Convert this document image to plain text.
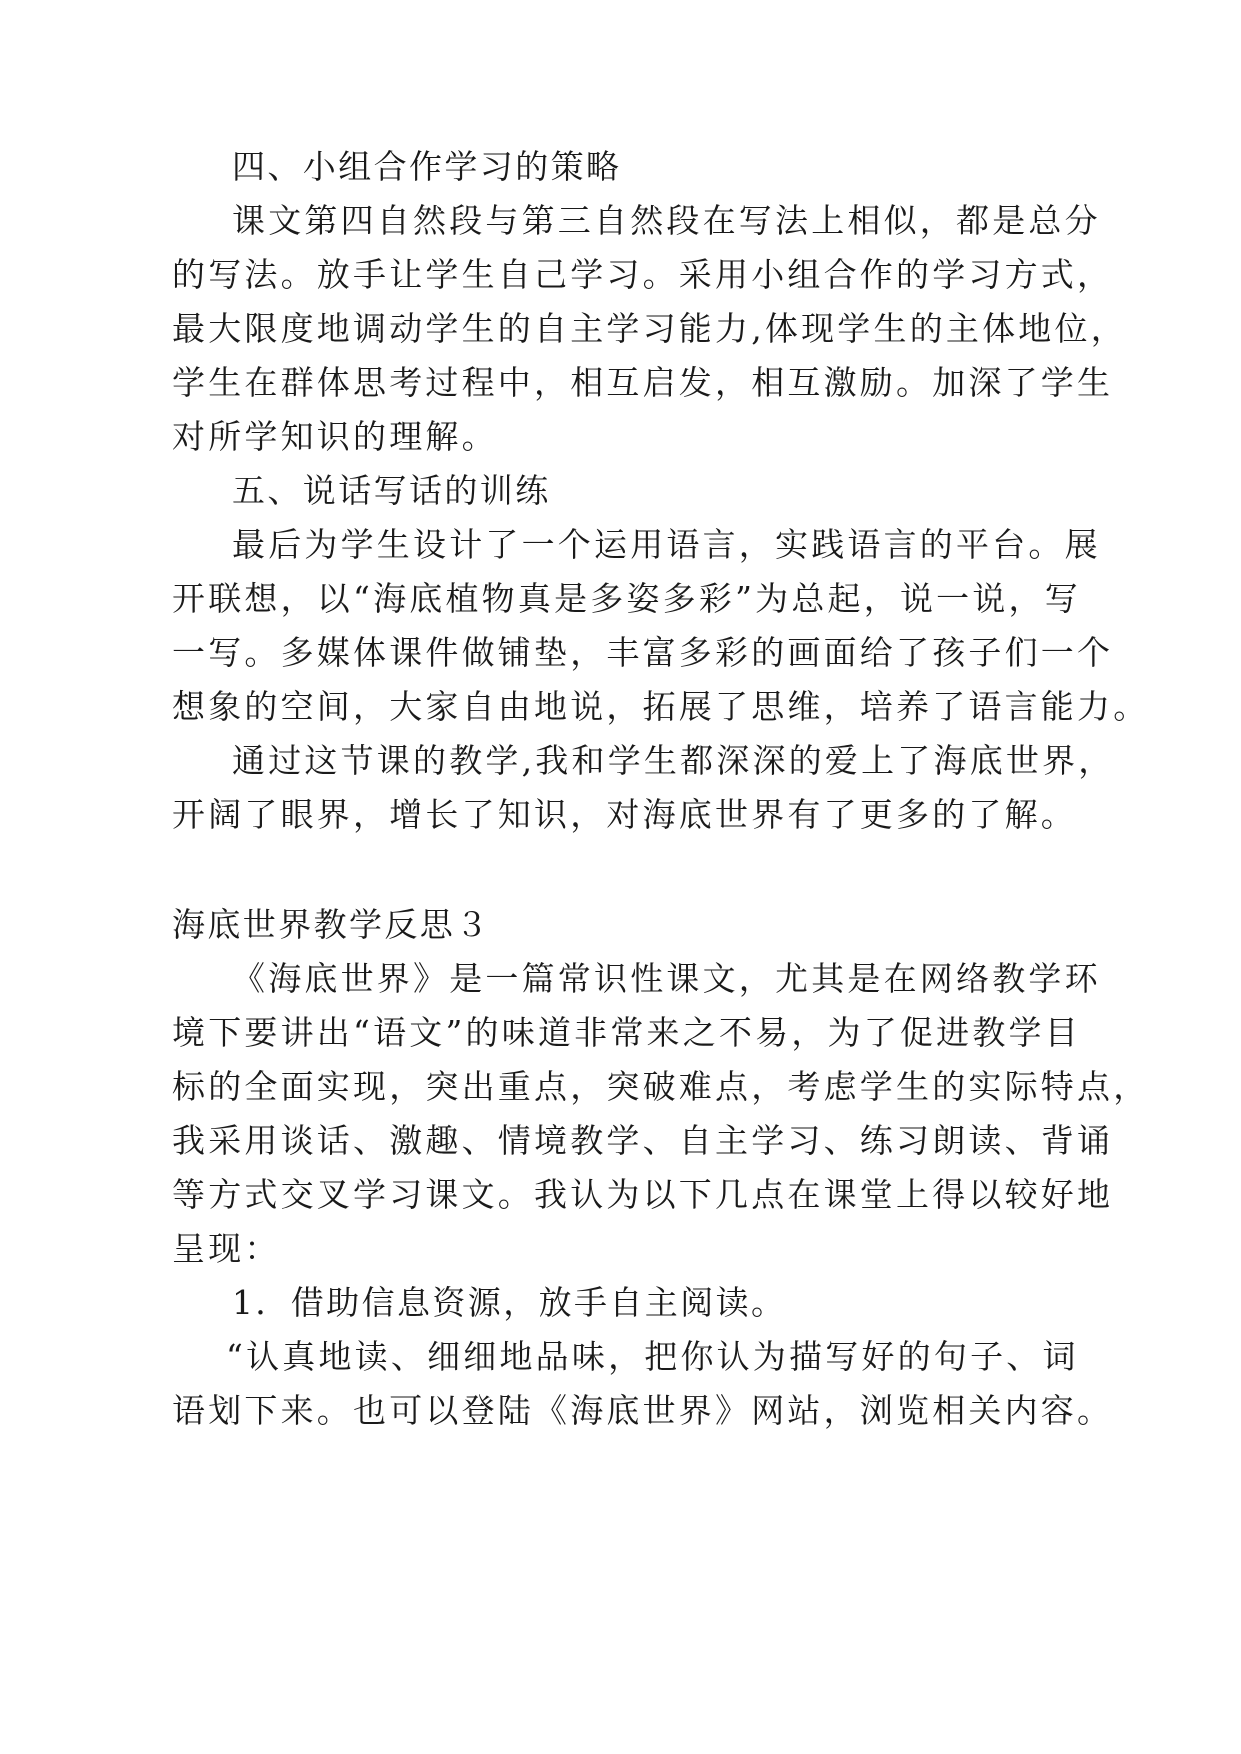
四、小组合作学习的策略
课文第四自然段与第三自然段在写法上相似，都是总分
的写法。放手让学生自己学习。采用小组合作的学习方式，
最大限度地调动学生的自主学习能力,体现学生的主体地位，
学生在群体思考过程中，相互启发，相互激励。加深了学生
对所学知识的理解。
五、说话写话的训练
最后为学生设计了一个运用语言，实践语言的平台。展
开联想，以“海底植物真是多姿多彩”为总起，说一说，写
一写。多媒体课件做铺垫，丰富多彩的画面给了孩子们一个
想象的空间，大家自由地说，拓展了思维，培养了语言能力。
通过这节课的教学,我和学生都深深的爱上了海底世界，
开阔了眼界，增长了知识，对海底世界有了更多的了解。
海底世界教学反思３
《海底世界》是一篇常识性课文，尤其是在网络教学环
境下要讲出“语文”的味道非常来之不易，为了促进教学目
标的全面实现，突出重点，突破难点，考虑学生的实际特点，
我采用谈话、激趣、情境教学、自主学习、练习朗读、背诵
等方式交叉学习课文。我认为以下几点在课堂上得以较好地
呈现：
1．借助信息资源，放手自主阅读。
“认真地读、细细地品味，把你认为描写好的句子、词
语划下来。也可以登陆《海底世界》网站，浏览相关内容。
